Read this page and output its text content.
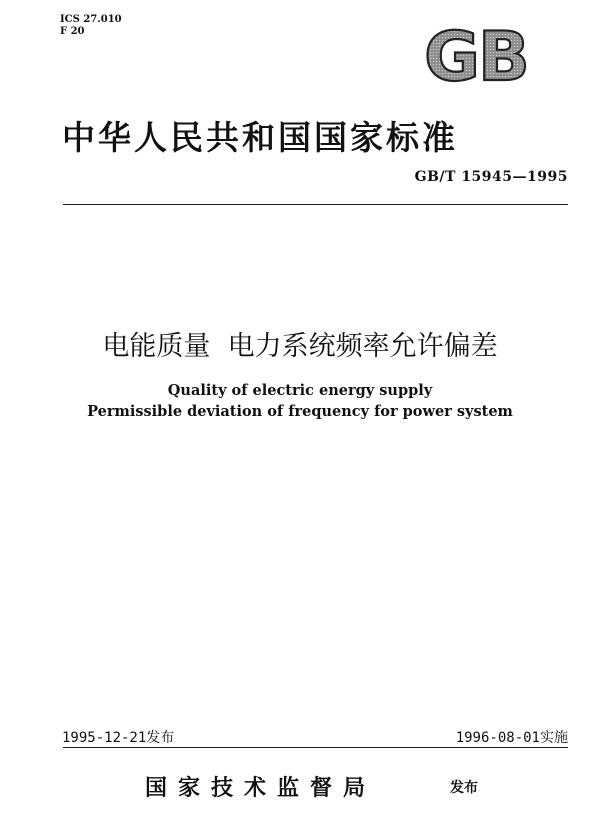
ICS 27.010
F 20	GB
中华人民共和国国家标准
GB/T 15945—1995
电能质量  电力系统频率允许偏差
Quality of electric energy supply
Permissible deviation of frequency for power system
1995-12-21发布	1996-08-01实施
国家技术监督局	发布
